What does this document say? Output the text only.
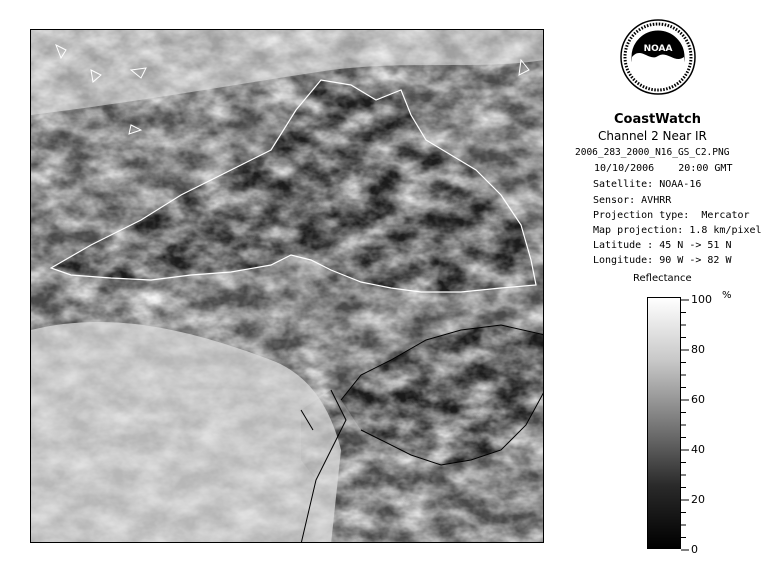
NOAA
CoastWatch
Channel 2 Near IR
2006_283_2000_N16_GS_C2.PNG
10/10/2006    20:00 GMT
Satellite: NOAA-16
Sensor: AVHRR
Projection type:  Mercator
Map projection: 1.8 km/pixel
Latitude : 45 N -> 51 N
Longitude: 90 W -> 82 W
Reflectance
%
100
80
60
40
20
0
